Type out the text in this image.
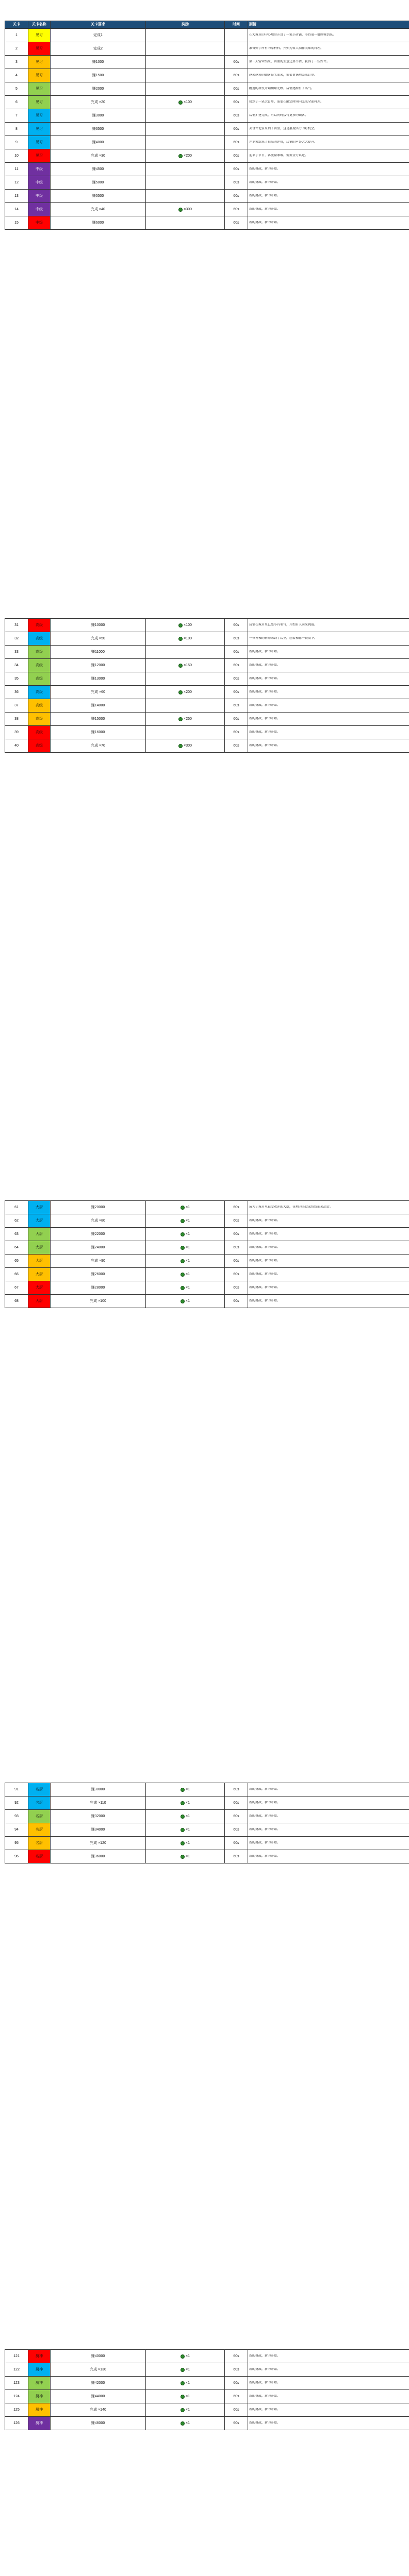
关卡	关卡名称	关卡要求	奖励	时间	剧情
1	见习	完成1			在大城市的中心地带开设了一家小店铺，等待第一批顾客到来。

2	见习	完成2			准备好了所有的原材料，开始为客人制作美味的料理。

3	见习	赚1000		60s	第一天营业结束，店铺的生意还算不错，获得了一些好评。

4	见习	赚1500		60s	越来越多的顾客慕名而来，需要更快地完成订单。

5	见习	赚2000		60s	附近的居民开始频繁光顾，店铺逐渐有了名气。

6	见习	完成 ×20	×100	60s	接到了一笔大订单，需要在限定时间内完成全部料理。

7	见习	赚3000		60s	店铺扩建完成，可以同时接待更多的顾客。

8	见习	赚3500		60s	美食评论家来到了店里，这是展现实力的好机会。

9	见习	赚4000		60s	评论家给出了很高的评价，店铺的声誉大大提升。

10	见习	完成 ×30	×200	60s	迎来了节日，客流量暴增，需要全力以赴。

11	中级	赚4500		60s	新的挑战，新的开始。

12	中级	赚5000		60s	新的挑战，新的开始。

13	中级	赚5500		60s	新的挑战，新的开始。

14	中级	完成 ×40	×300	60s	新的挑战，新的开始。

15	中级	赚6000		60s	新的挑战，新的开始。
31	高级	赚10000	×100	60s	店铺在城市里已经小有名气，开始有人前来挑战。

32	高级	完成 ×50	×100	60s	一位神秘的厨师来到了店里，想要和你一较高下。

33	高级	赚11000		60s	新的挑战，新的开始。

34	高级	赚12000	×150	60s	新的挑战，新的开始。

35	高级	赚13000		60s	新的挑战，新的开始。

36	高级	完成 ×60	×200	60s	新的挑战，新的开始。

37	高级	赚14000		60s	新的挑战，新的开始。

38	高级	赚15000	×250	60s	新的挑战，新的开始。

39	高级	赚16000		60s	新的挑战，新的开始。

40	高级	完成 ×70	×300	60s	新的挑战，新的开始。
61	大厨	赚20000	×1	60s	成为了城市里最受欢迎的大厨，各地的美食家纷纷前来品尝。

62	大厨	完成 ×80	×1	60s	新的挑战，新的开始。

63	大厨	赚22000	×1	60s	新的挑战，新的开始。

64	大厨	赚24000	×1	60s	新的挑战，新的开始。

65	大厨	完成 ×90	×1	60s	新的挑战，新的开始。

66	大厨	赚26000	×1	60s	新的挑战，新的开始。

67	大厨	赚28000	×1	60s	新的挑战，新的开始。

68	大厨	完成 ×100	×1	60s	新的挑战，新的开始。
91	名厨	赚30000	×1	60s	新的挑战，新的开始。

92	名厨	完成 ×110	×1	60s	新的挑战，新的开始。

93	名厨	赚32000	×1	60s	新的挑战，新的开始。

94	名厨	赚34000	×1	60s	新的挑战，新的开始。

95	名厨	完成 ×120	×1	60s	新的挑战，新的开始。

96	名厨	赚36000	×1	60s	新的挑战，新的开始。
121	厨神	赚40000	×1	60s	新的挑战，新的开始。

122	厨神	完成 ×130	×1	60s	新的挑战，新的开始。

123	厨神	赚42000	×1	60s	新的挑战，新的开始。

124	厨神	赚44000	×1	60s	新的挑战，新的开始。

125	厨神	完成 ×140	×1	60s	新的挑战，新的开始。

126	厨神	赚46000	×1	60s	新的挑战，新的开始。
